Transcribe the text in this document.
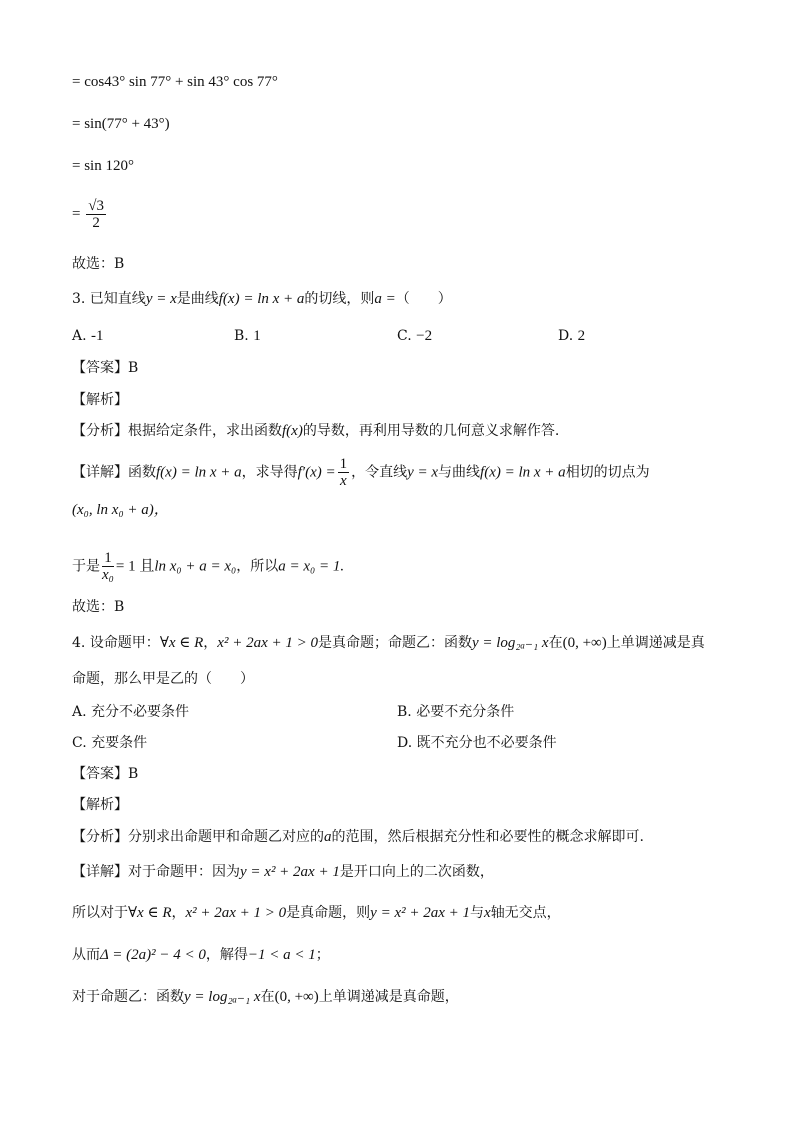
= cos43° sin 77° + sin 43° cos 77°
= sin(77° + 43°)
= sin 120°
= $\frac{√3}{2}$
故选：B
3. 已知直线y = x是曲线f(x) = ln x + a的切线，则a =（　　）
A. -1	B. 1	C. −2	D. 2
【答案】B
【解析】
【分析】根据给定条件，求出函数f(x)的导数，再利用导数的几何意义求解作答.
【详解】函数f(x) = ln x + a，求导得$f'(x) = \frac{1}{x}$ ，令直线y = x与曲线f(x) = ln x + a相切的切点为
(x₀, ln x₀ + a)，
于是 $\frac{1}{\text{x₀}} = 1$ 且ln x₀ + a = x₀，所以a = x₀ = 1.
故选：B
4. 设命题甲：∀x ∈ R，x² + 2ax + 1 > 0是真命题；命题乙：函数y = log₂ₐ₋₁ x在(0, +∞)上单调递减是真
命题，那么甲是乙的（　　）
A. 充分不必要条件	B. 必要不充分条件
C. 充要条件	D. 既不充分也不必要条件
【答案】B
【解析】
【分析】分别求出命题甲和命题乙对应的a的范围，然后根据充分性和必要性的概念求解即可.
【详解】对于命题甲：因为y = x² + 2ax + 1是开口向上的二次函数，
所以对于∀x ∈ R，x² + 2ax + 1 > 0是真命题，则y = x² + 2ax + 1与x轴无交点，
从而Δ = (2a)² − 4 < 0，解得−1 < a < 1；
对于命题乙：函数y = log₂ₐ₋₁ x在(0, +∞)上单调递减是真命题，
